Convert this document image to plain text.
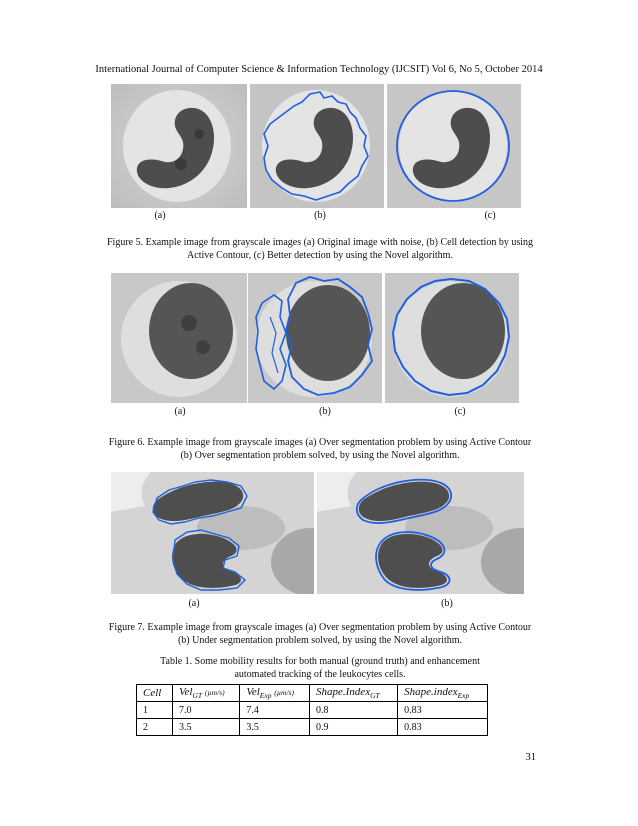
International Journal of Computer Science & Information Technology (IJCSIT) Vol 6, No 5, October 2014
(a)	(b)	(c)
Figure 5. Example image from grayscale images (a) Original image with noise, (b) Cell detection by using
Active Contour, (c) Better detection by using the Novel algorithm.
(a)	(b)	(c)
Figure 6. Example image from grayscale images (a) Over segmentation problem by using Active Contour
(b) Over segmentation problem solved, by using the Novel algorithm.
(a)	(b)
Figure 7. Example image from grayscale images (a) Over segmentation problem by using Active Contour
(b) Under segmentation problem solved, by using the Novel algorithm.
Table 1. Some mobility results for both manual (ground truth) and enhancement
automated tracking of the leukocytes cells.
Cell	Vel$_{GT}$ (µm/s)	Vel$_{Exp}$ (µm/s)	Shape.Index$_{GT}$	Shape.index$_{Exp}$
1	7.0	7.4	0.8	0.83
2	3.5	3.5	0.9	0.83
31
